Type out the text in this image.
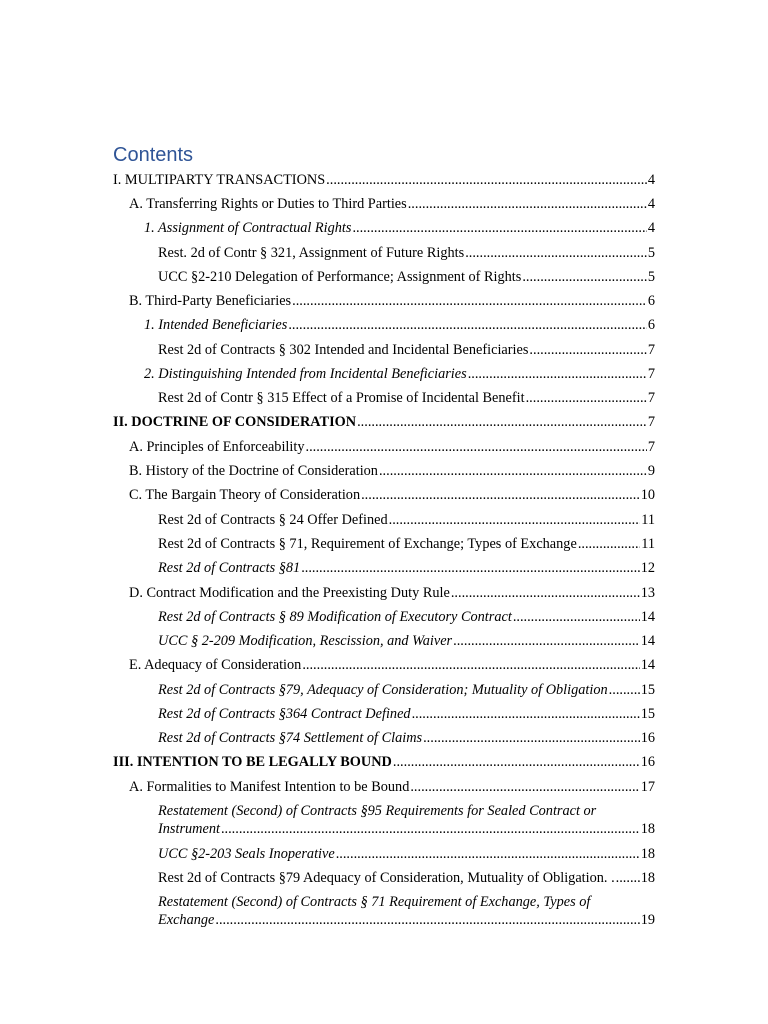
Contents
I. MULTIPARTY TRANSACTIONS .....	4
A. Transferring Rights or Duties to Third Parties .....	4
1. Assignment of Contractual Rights .....	4
Rest. 2d of Contr § 321, Assignment of Future Rights .....	5
UCC §2-210 Delegation of Performance; Assignment of Rights .....	5
B. Third-Party Beneficiaries .....	6
1. Intended Beneficiaries .....	6
Rest 2d of Contracts § 302 Intended and Incidental Beneficiaries .....	7
2. Distinguishing Intended from Incidental Beneficiaries .....	7
Rest 2d of Contr § 315 Effect of a Promise of Incidental Benefit .....	7
II. DOCTRINE OF CONSIDERATION .....	7
A. Principles of Enforceability .....	7
B. History of the Doctrine of Consideration .....	9
C. The Bargain Theory of Consideration .....	10
Rest 2d of Contracts § 24 Offer Defined .....	11
Rest 2d of Contracts § 71, Requirement of Exchange; Types of Exchange .....	11
Rest 2d of Contracts §81 .....	12
D. Contract Modification and the Preexisting Duty Rule .....	13
Rest 2d of Contracts § 89 Modification of Executory Contract .....	14
UCC § 2-209 Modification, Rescission, and Waiver .....	14
E. Adequacy of Consideration .....	14
Rest 2d of Contracts §79, Adequacy of Consideration; Mutuality of Obligation ..... 15
Rest 2d of Contracts §364 Contract Defined .....	15
Rest 2d of Contracts §74 Settlement of Claims .....	16
III. INTENTION TO BE LEGALLY BOUND .....	16
A. Formalities to Manifest Intention to be Bound .....	17
Restatement (Second) of Contracts §95 Requirements for Sealed Contract or
Instrument .....	18
UCC §2-203 Seals Inoperative .....	18
Rest 2d of Contracts §79 Adequacy of Consideration, Mutuality of Obligation. . ..... 18
Restatement (Second) of Contracts § 71 Requirement of Exchange, Types of
Exchange .....	19
